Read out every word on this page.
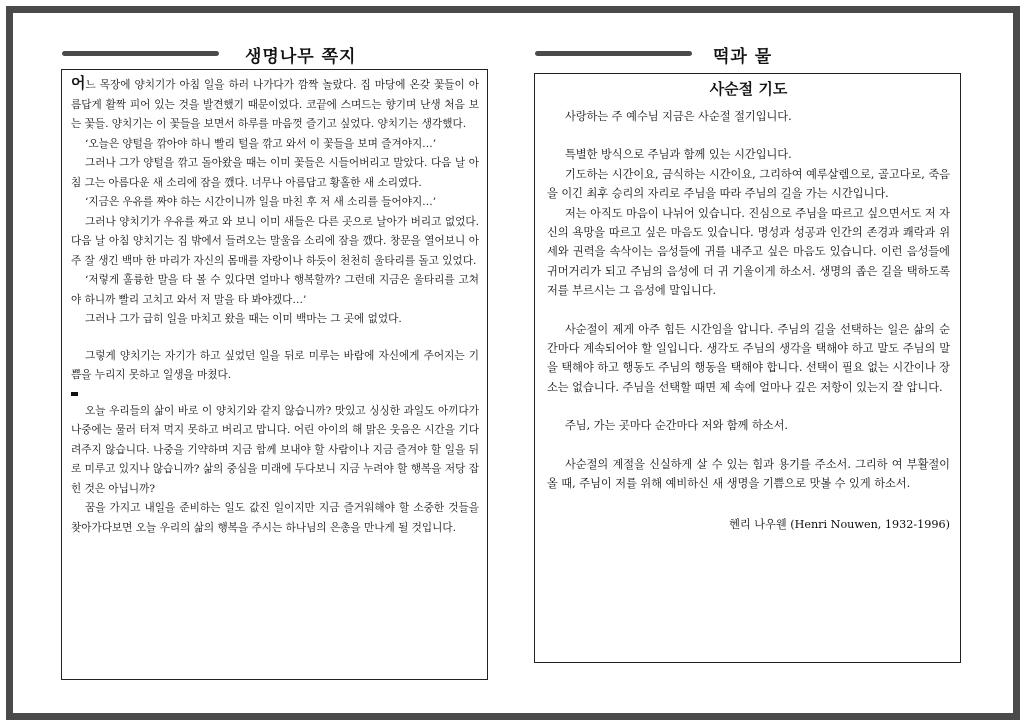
생명나무 쪽지	떡과 물

어느 목장에 양치기가 아침 일을 하러 나가다가 깜짝 놀랐다. 집 마당에 온갖 꽃들이 아름답게 활짝 피어 있는 것을 발견했기 때문이었다. 코끝에 스며드는 향기며 난생 처음 보는 꽃들. 양치기는 이 꽃들을 보면서 하루를 마음껏 즐기고 싶었다. 양치기는 생각했다.

‘오늘은 양털을 깎아야 하니 빨리 털을 깎고 와서 이 꽃들을 보며 즐겨야지…’

그러나 그가 양털을 깎고 돌아왔을 때는 이미 꽃들은 시들어버리고 말았다. 다음 날 아침 그는 아름다운 새 소리에 잠을 깼다. 너무나 아름답고 황홀한 새 소리였다.

‘지금은 우유를 짜야 하는 시간이니까 일을 마친 후 저 새 소리를 들어야지…’

그러나 양치기가 우유를 짜고 와 보니 이미 새들은 다른 곳으로 날아가 버리고 없었다. 다음 날 아침 양치기는 집 밖에서 들려오는 말울음 소리에 잠을 깼다. 창문을 열어보니 아주 잘 생긴 백마 한 마리가 자신의 몸매를 자랑이나 하듯이 천천히 울타리를 돌고 있었다.

‘저렇게 훌륭한 말을 타 볼 수 있다면 얼마나 행복할까? 그런데 지금은 울타리를 고쳐야 하니까 빨리 고치고 와서 저 말을 타 봐야겠다…’

그러나 그가 급히 일을 마치고 왔을 때는 이미 백마는 그 곳에 없었다.

그렇게 양치기는 자기가 하고 싶었던 일을 뒤로 미루는 바람에 자신에게 주어지는 기쁨을 누리지 못하고 일생을 마쳤다.

오늘 우리들의 삶이 바로 이 양치기와 같지 않습니까? 맛있고 싱싱한 과일도 아끼다가 나중에는 물러 터져 먹지 못하고 버리고 맙니다. 어린 아이의 해 맑은 웃음은 시간을 기다려주지 않습니다. 나중을 기약하며 지금 함께 보내야 할 사람이나 지금 즐겨야 할 일을 뒤로 미루고 있지나 않습니까? 삶의 중심을 미래에 두다보니 지금 누려야 할 행복을 저당 잡힌 것은 아닙니까?

꿈을 가지고 내일을 준비하는 일도 값진 일이지만 지금 즐거워해야 할 소중한 것들을 찾아가다보면 오늘 우리의 삶의 행복을 주시는 하나님의 은총을 만나게 될 것입니다.

사순절 기도

사랑하는 주 예수님 지금은 사순절 절기입니다.

특별한 방식으로 주님과 함께 있는 시간입니다.

기도하는 시간이요, 금식하는 시간이요, 그리하여 예루살렘으로, 골고다로, 죽음을 이긴 최후 승리의 자리로 주님을 따라 주님의 길을 가는 시간입니다.

저는 아직도 마음이 나뉘어 있습니다. 진심으로 주님을 따르고 싶으면서도 저 자신의 욕망을 따르고 싶은 마음도 있습니다. 명성과 성공과 인간의 존경과 쾌락과 위세와 권력을 속삭이는 음성들에 귀를 내주고 싶은 마음도 있습니다. 이런 음성들에 귀머거리가 되고 주님의 음성에 더 귀 기울이게 하소서. 생명의 좁은 길을 택하도록 저를 부르시는 그 음성에 말입니다.

사순절이 제게 아주 힘든 시간임을 압니다. 주님의 길을 선택하는 일은 삶의 순간마다 계속되어야 할 일입니다. 생각도 주님의 생각을 택해야 하고 말도 주님의 말을 택해야 하고 행동도 주님의 행동을 택해야 합니다. 선택이 필요 없는 시간이나 장소는 없습니다. 주님을 선택할 때면 제 속에 얼마나 깊은 저항이 있는지 잘 압니다.

주님, 가는 곳마다 순간마다 저와 함께 하소서.

사순절의 계절을 신실하게 살 수 있는 힘과 용기를 주소서. 그리하 여 부활절이 올 때, 주님이 저를 위해 예비하신 새 생명을 기쁨으로 맛볼 수 있게 하소서.

헨리 나우웬 (Henri Nouwen, 1932-1996)
